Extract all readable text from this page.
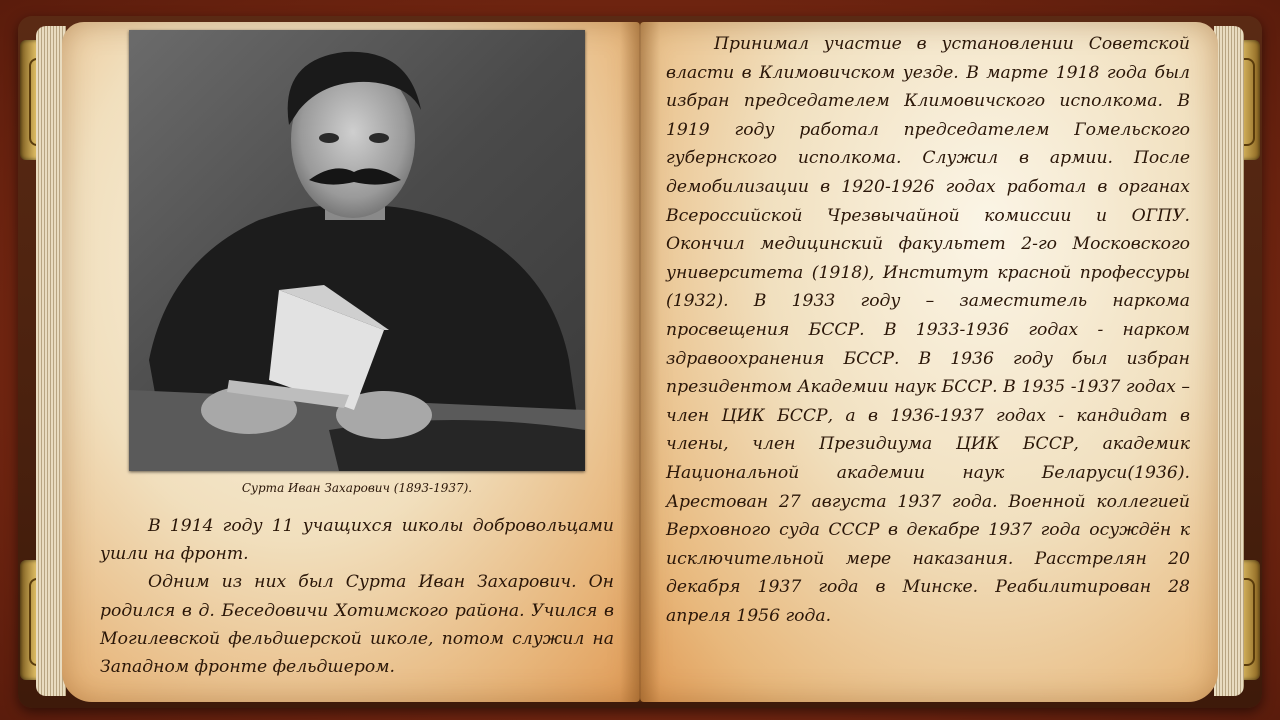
Сурта Иван Захарович (1893-1937).

В 1914 году 11 учащихся школы добровольцами ушли на фронт.

Одним из них был Сурта Иван Захарович. Он родился в д. Беседовичи Хотимского района. Учился в Могилевской фельдшерской школе, потом служил на Западном фронте фельдшером.

Принимал участие в установлении Советской власти в Климовичском уезде. В марте 1918 года был избран председателем Климовичского исполкома. В 1919 году работал председателем Гомельского губернского исполкома. Служил в армии. После демобилизации в 1920-1926 годах работал в органах Всероссийской Чрезвычайной комиссии и ОГПУ. Окончил медицинский факультет 2-го Московского университета (1918), Институт красной профессуры (1932). В 1933 году – заместитель наркома просвещения БССР. В 1933-1936 годах - нарком здравоохранения БССР. В 1936 году был избран президентом Академии наук БССР. В 1935 -1937 годах – член ЦИК БССР, а в 1936-1937 годах - кандидат в члены, член Президиума ЦИК БССР, академик Национальной академии наук Беларуси(1936). Арестован 27 августа 1937 года. Военной коллегией Верховного суда СССР в декабре 1937 года осуждён к исключительной мере наказания. Расстрелян 20 декабря 1937 года в Минске. Реабилитирован 28 апреля 1956 года.
